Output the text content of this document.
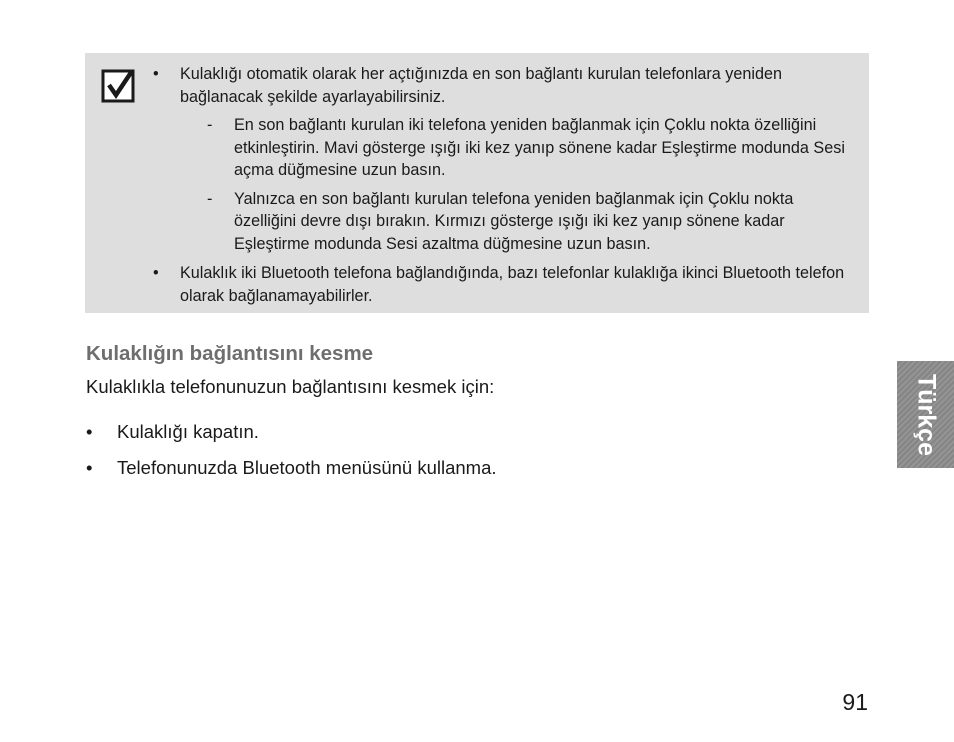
• Kulaklığı otomatik olarak her açtığınızda en son bağlantı kurulan telefonlara yeniden bağlanacak şekilde ayarlayabilirsiniz.
- En son bağlantı kurulan iki telefona yeniden bağlanmak için Çoklu nokta özelliğini etkinleştirin. Mavi gösterge ışığı iki kez yanıp sönene kadar Eşleştirme modunda Sesi açma düğmesine uzun basın.
- Yalnızca en son bağlantı kurulan telefona yeniden bağlanmak için Çoklu nokta özelliğini devre dışı bırakın. Kırmızı gösterge ışığı iki kez yanıp sönene kadar Eşleştirme modunda Sesi azaltma düğmesine uzun basın.
• Kulaklık iki Bluetooth telefona bağlandığında, bazı telefonlar kulaklığa ikinci Bluetooth telefon olarak bağlanamayabilirler.
Kulaklığın bağlantısını kesme

Kulaklıkla telefonunuzun bağlantısını kesmek için:

• Kulaklığı kapatın.
• Telefonunuzda Bluetooth menüsünü kullanma.
Türkçe
91
